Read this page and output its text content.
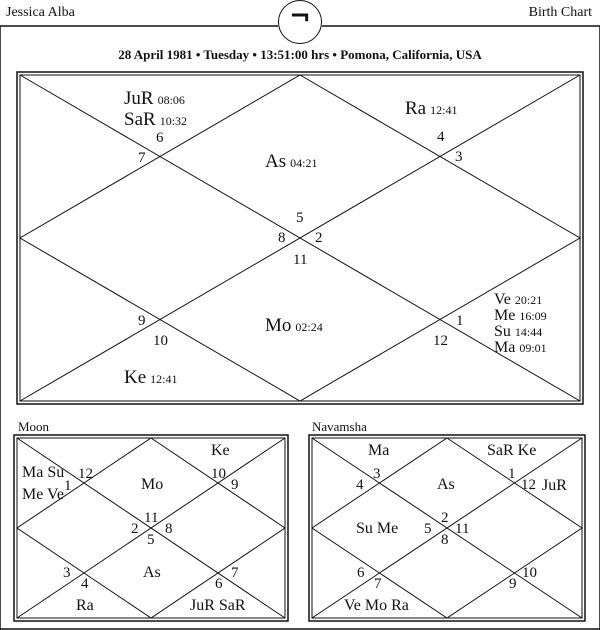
¬
Jessica Alba	Birth Chart
28 April 1981 • Tuesday • 13:51:00 hrs • Pomona, California, USA
JuR 08:06
SaR 10:32
6
7
Ra 12:41
4
3
As 04:21
5
8 2
11
9
10
Mo 02:24	1
12
Ve 20:21
Me 16:09
Su 14:44
Ma 09:01
Ke 12:41
Moon
Ma Su
Me Ve 1
12
Ke
10
9
Mo
11
2 8
5
As
3
4
Ra
6
7
JuR SaR
Navamsha
Ma
3
4
SaR Ke
1
12 JuR
As
Su Me
2
5 11
8
6
7
Ve Mo Ra
9
10
